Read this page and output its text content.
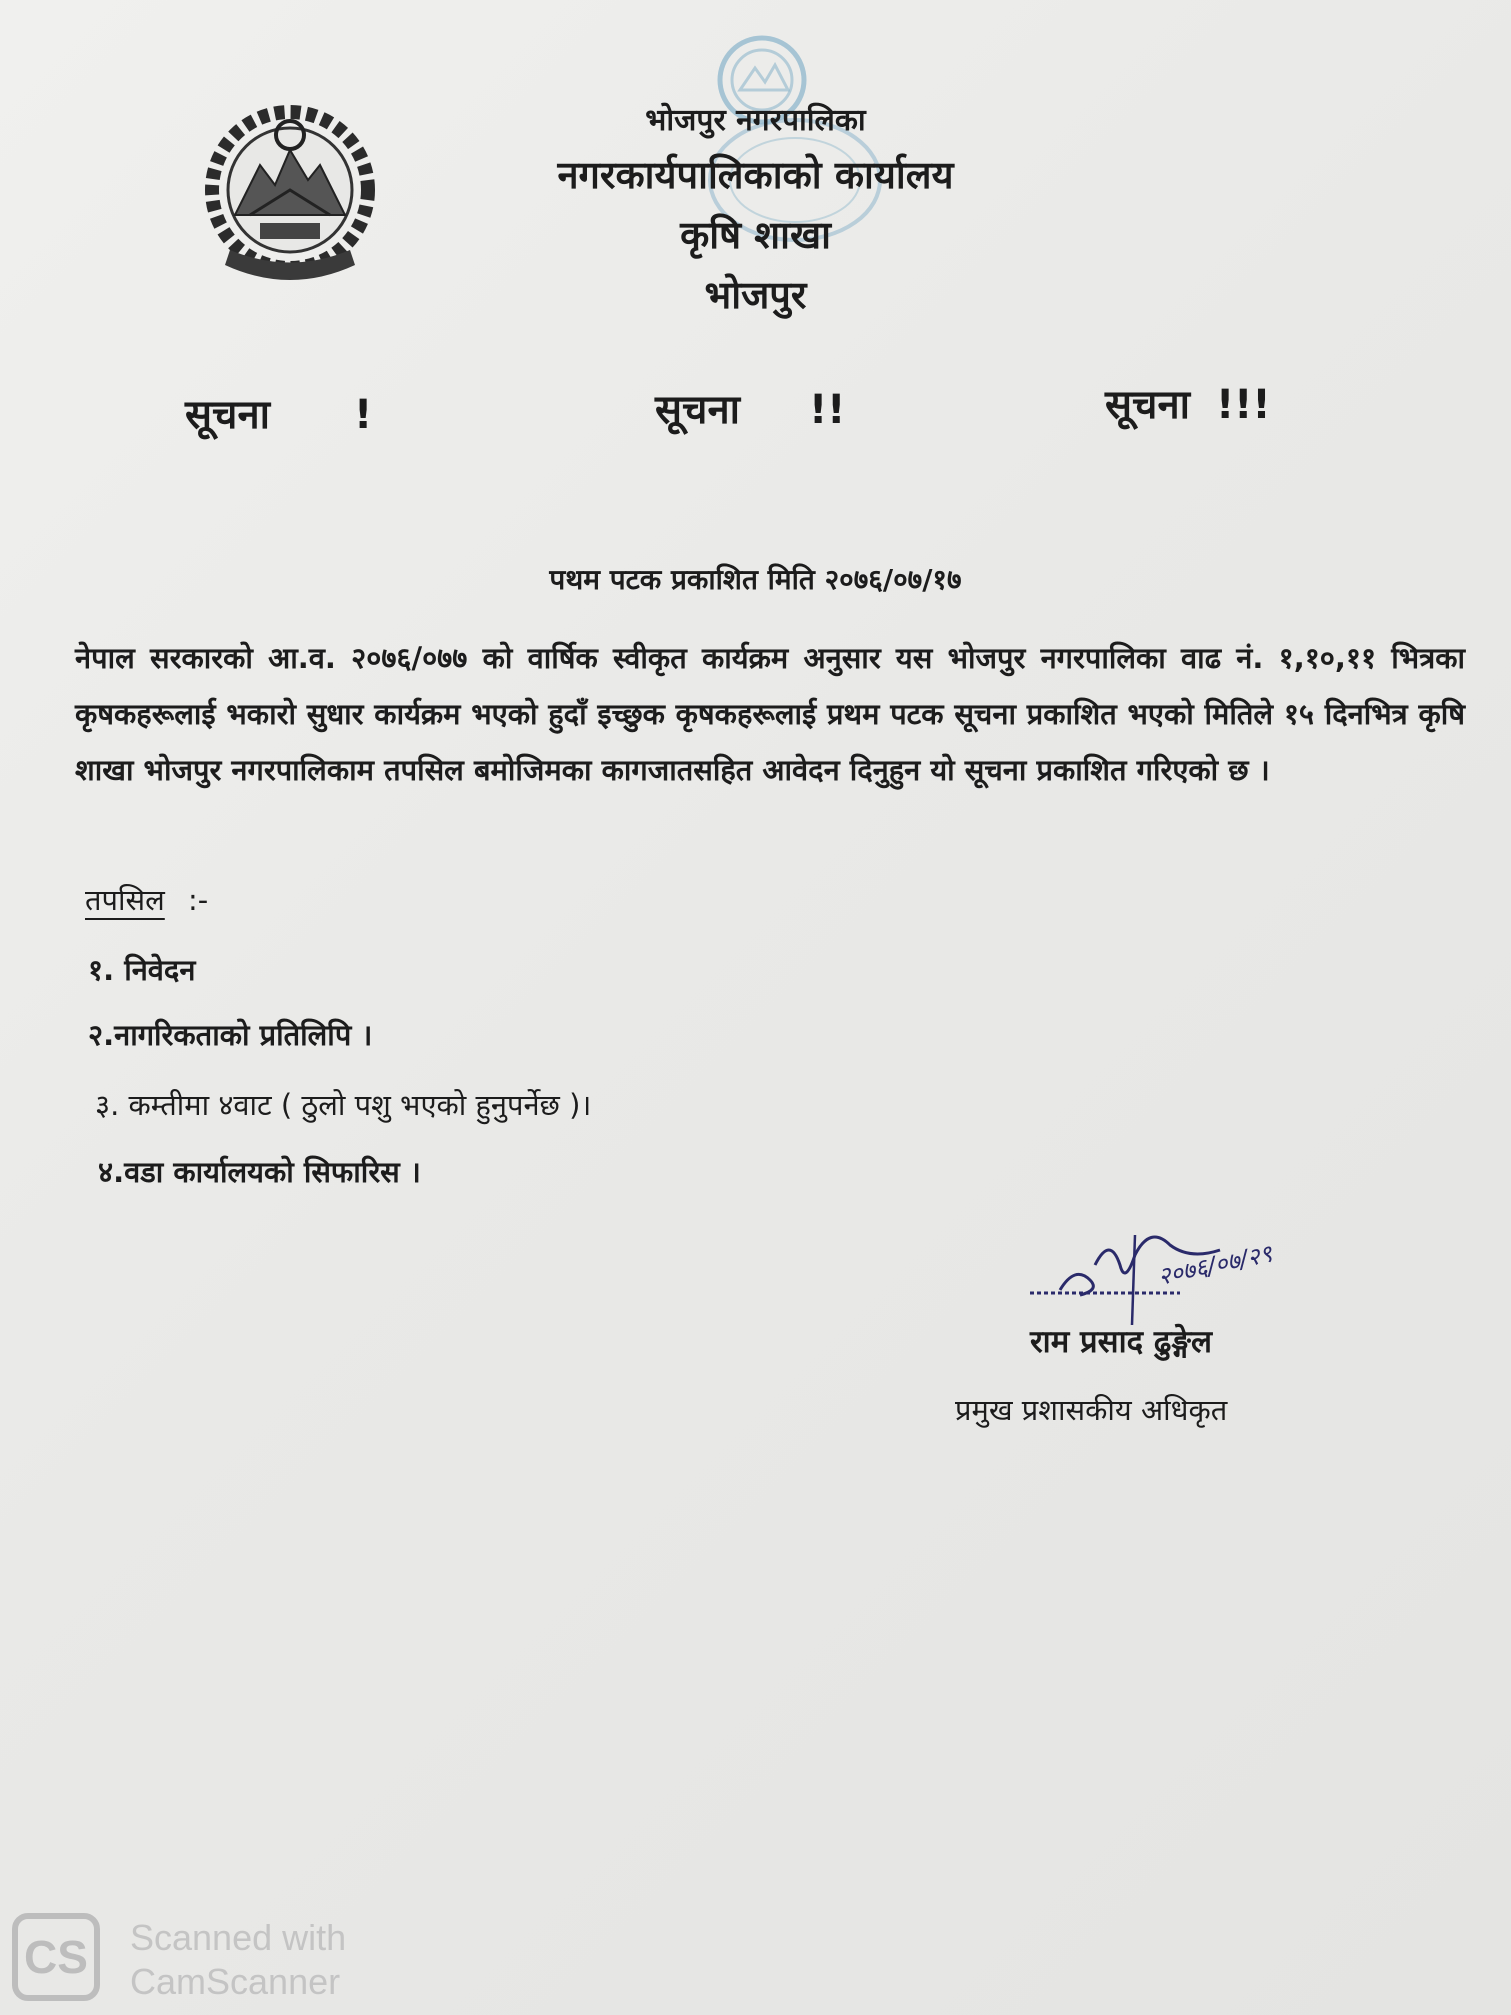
भोजपुर नगरपालिका
नगरकार्यपालिकाको कार्यालय
कृषि शाखा
भोजपुर
सूचना !	सूचना !!	सूचना !!!
पथम पटक प्रकाशित मिति २०७६/०७/१७

नेपाल सरकारको आ.व. २०७६/०७७ को वार्षिक स्वीकृत कार्यक्रम अनुसार यस भोजपुर नगरपालिका वाढ नं. १,१०,११ भित्रका कृषकहरूलाई भकारो सुधार कार्यक्रम भएको हुदाँ इच्छुक कृषकहरूलाई प्रथम पटक सूचना प्रकाशित भएको मितिले १५ दिनभित्र कृषि शाखा भोजपुर नगरपालिकाम तपसिल बमोजिमका कागजातसहित आवेदन दिनुहुन यो सूचना प्रकाशित गरिएको छ ।

तपसिल :-
१. निवेदन
२.नागरिकताको प्रतिलिपि ।
३. कम्तीमा ४वाट ( ठुलो पशु भएको हुनुपर्नेछ )।
४.वडा कार्यालयको सिफारिस ।
२०७६/०७/२९
राम प्रसाद ढुङ्गेल
प्रमुख प्रशासकीय अधिकृत
CS	Scanned with
CamScanner
